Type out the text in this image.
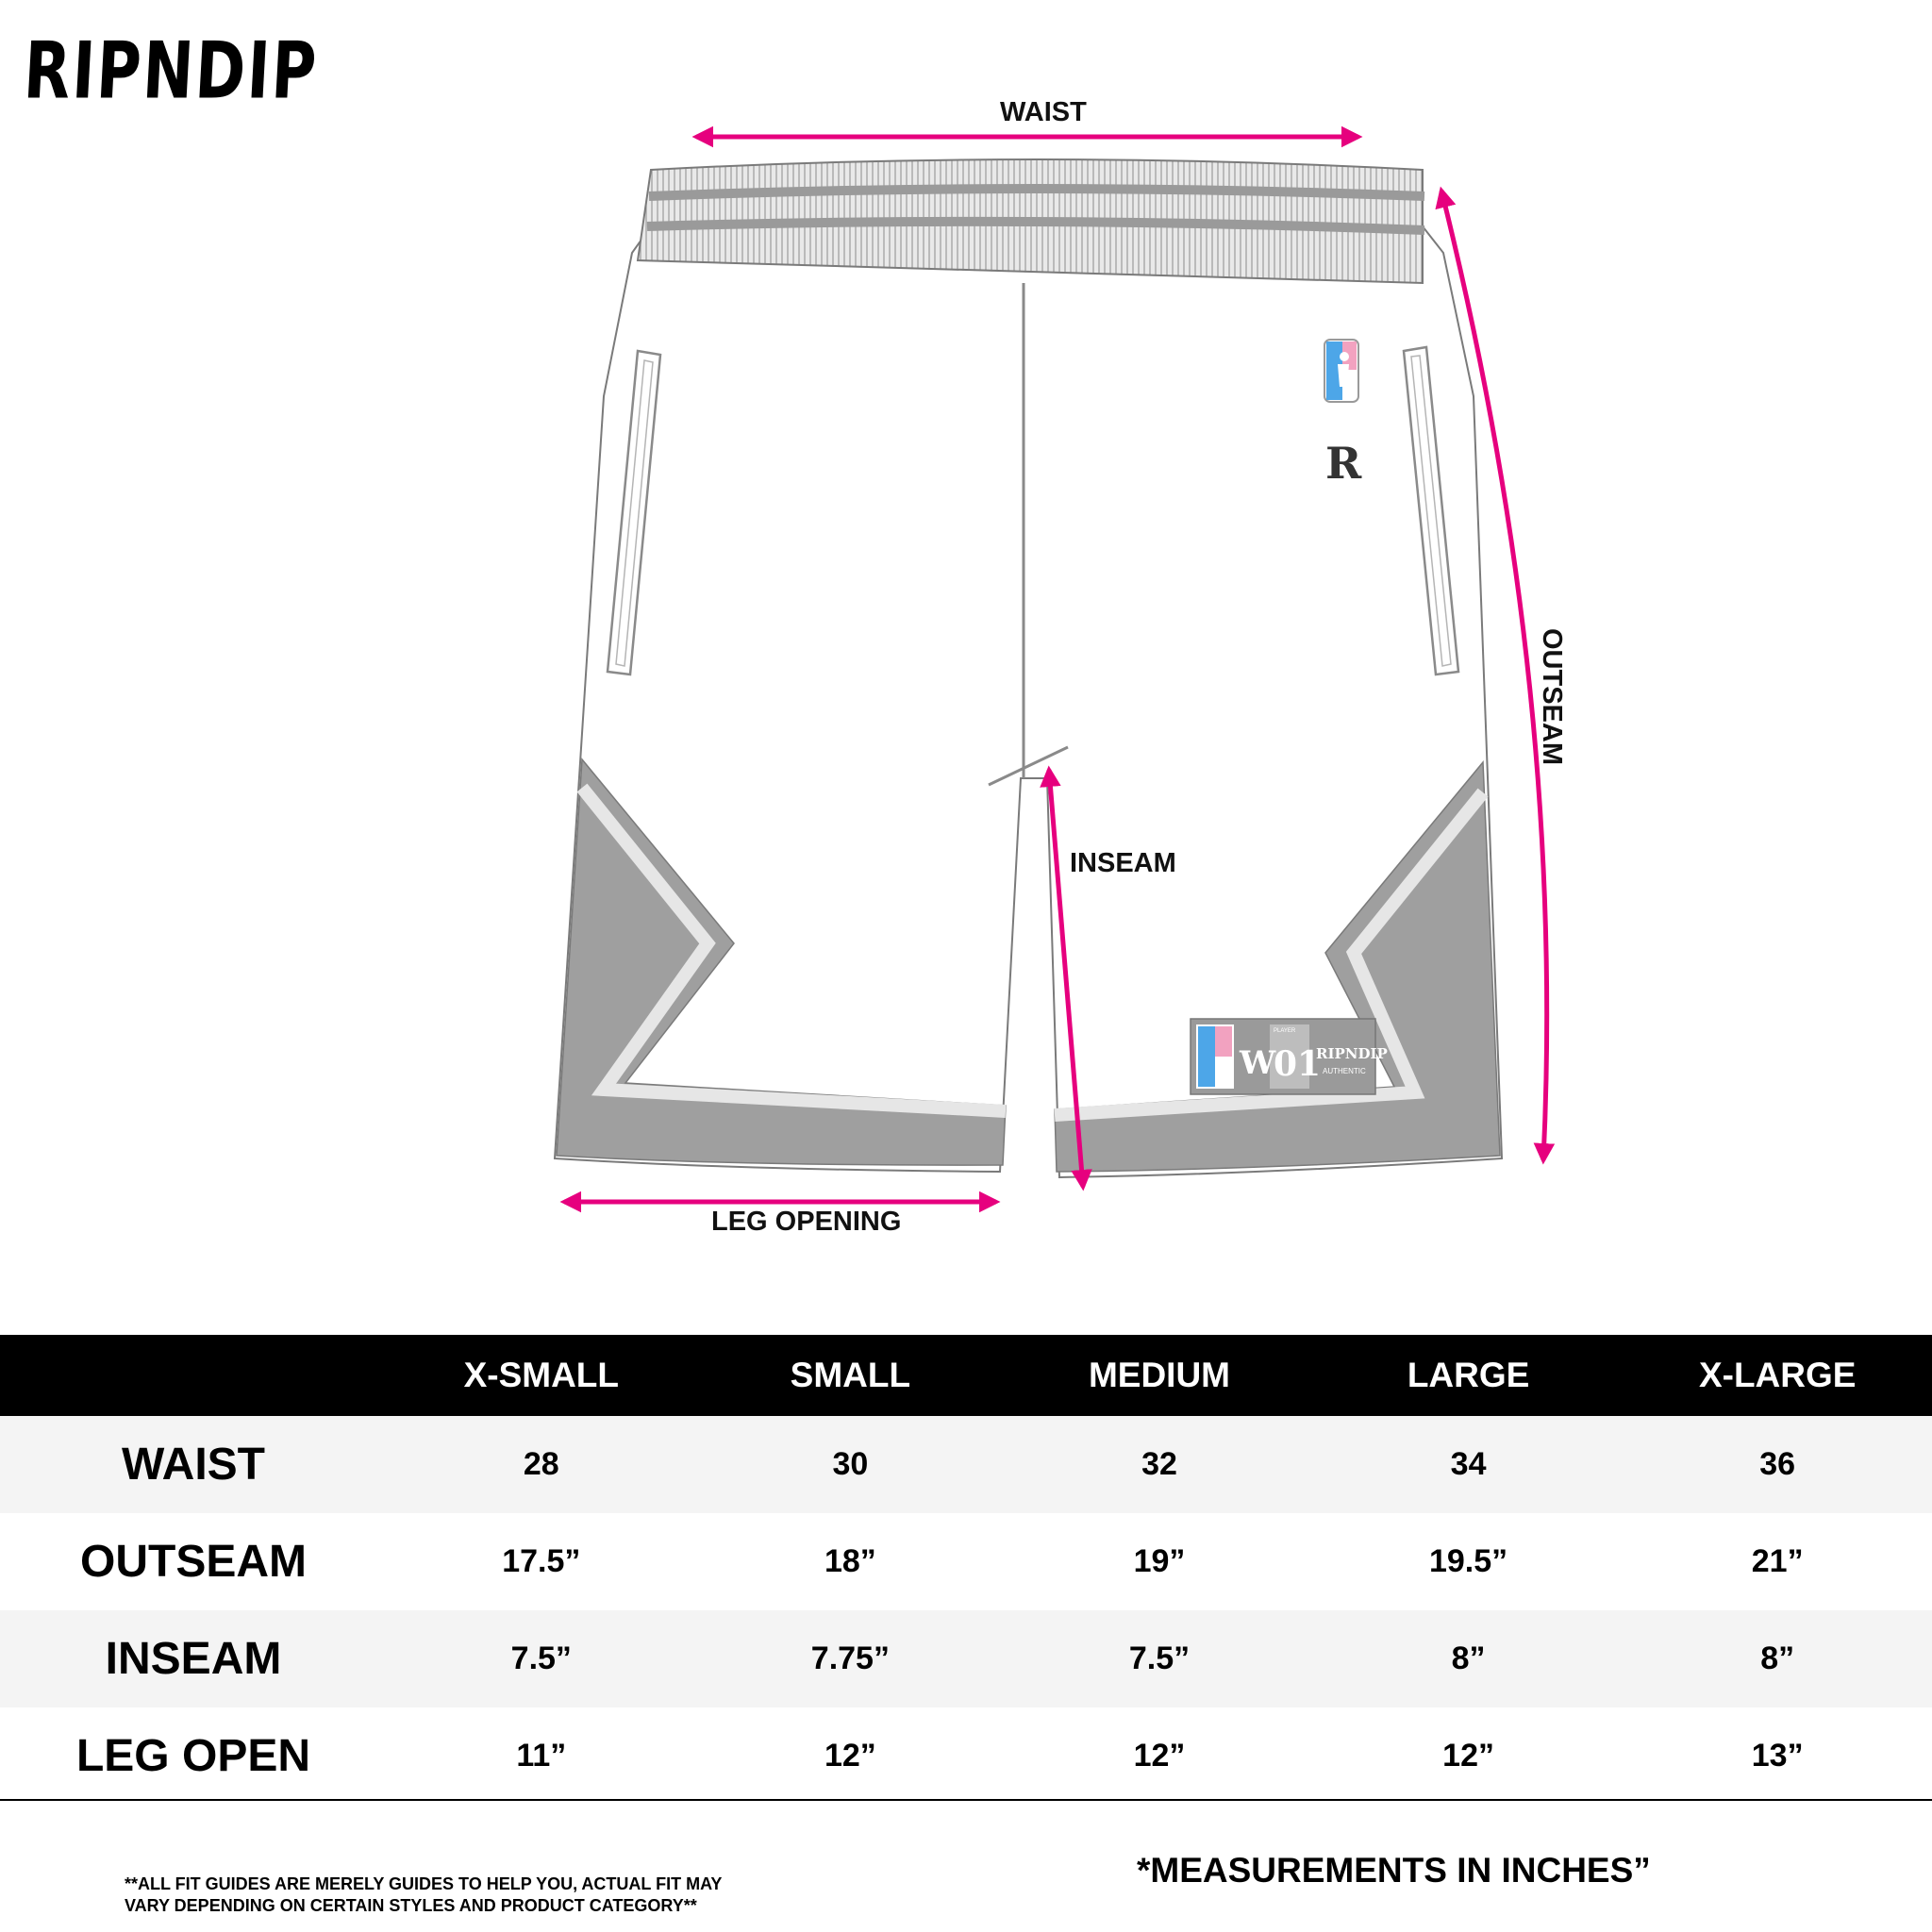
RIPNDIP
R
W
PLAYER
01
RIPNDIP
AUTHENTIC
WAIST
INSEAM
LEG OPENING
OUTSEAM
	X-SMALL	SMALL	MEDIUM	LARGE	X-LARGE
WAIST	28	30	32	34	36
OUTSEAM	17.5”	18”	19”	19.5”	21”
INSEAM	7.5”	7.75”	7.5”	8”	8”
LEG OPEN	11”	12”	12”	12”	13”
**ALL FIT GUIDES ARE MERELY GUIDES TO HELP YOU, ACTUAL FIT MAY
VARY DEPENDING ON CERTAIN STYLES AND PRODUCT CATEGORY**
*MEASUREMENTS IN INCHES”
